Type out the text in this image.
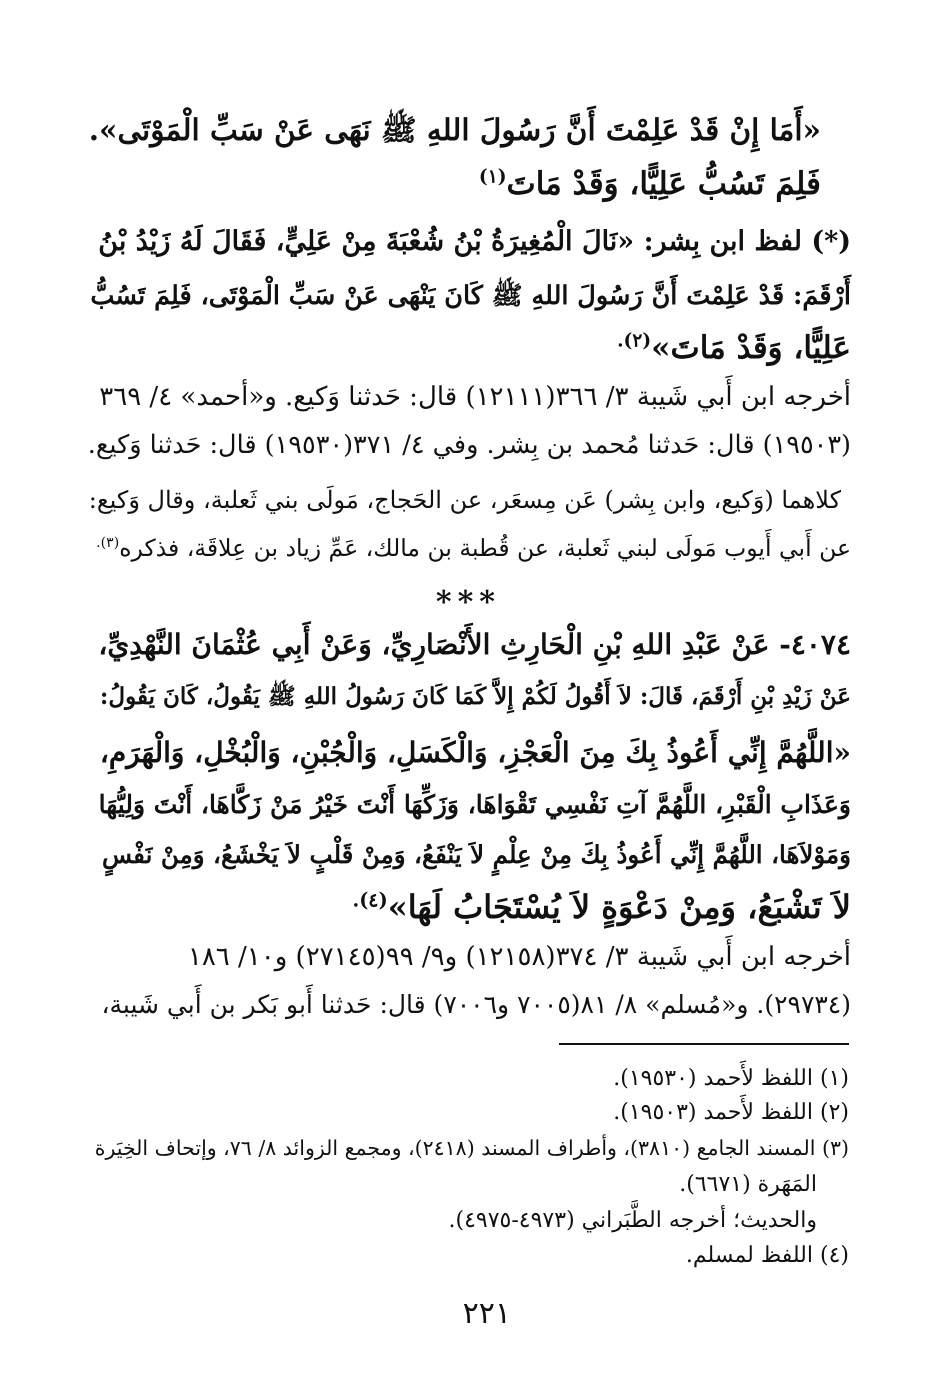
«أَمَا إِنْ قَدْ عَلِمْتَ أَنَّ رَسُولَ اللهِ ﷺ نَهَى عَنْ سَبِّ الْمَوْتَى».
فَلِمَ تَسُبُّ عَلِيًّا، وَقَدْ مَاتَ$^{(١)}$
(*) لفظ ابن بِشر: «نَالَ الْمُغِيرَةُ بْنُ شُعْبَةَ مِنْ عَلِيٍّ، فَقَالَ لَهُ زَيْدُ بْنُ
أَرْقَمَ: قَدْ عَلِمْتَ أَنَّ رَسُولَ اللهِ ﷺ كَانَ يَنْهَى عَنْ سَبِّ الْمَوْتَى، فَلِمَ تَسُبُّ
عَلِيًّا، وَقَدْ مَاتَ»$^{(٢).}$
أخرجه ابن أَبي شَيبة ٣/ ٣٦٦(١٢١١١) قال: حَدثنا وَكيع. و«أحمد» ٤/ ٣٦٩
(١٩٥٠٣) قال: حَدثنا مُحمد بن بِشر. وفي ٤/ ٣٧١(١٩٥٣٠) قال: حَدثنا وَكيع.
كلاهما (وَكيع، وابن بِشر) عَن مِسعَر، عن الحَجاج، مَولَى بني ثَعلبة، وقال وَكيع:
عن أَبي أَيوب مَولَى لبني ثَعلبة، عن قُطبة بن مالك، عَمِّ زياد بن عِلاقَة، فذكره$^{(٣).}$
***
٤٠٧٤- عَنْ عَبْدِ اللهِ بْنِ الْحَارِثِ الأَنْصَارِيِّ، وَعَنْ أَبِي عُثْمَانَ النَّهْدِيِّ،
عَنْ زَيْدِ بْنِ أَرْقَمَ، قَالَ: لاَ أَقُولُ لَكُمْ إِلاَّ كَمَا كَانَ رَسُولُ اللهِ ﷺ يَقُولُ، كَانَ يَقُولُ:
«اللَّهُمَّ إِنِّي أَعُوذُ بِكَ مِنَ الْعَجْزِ، وَالْكَسَلِ، وَالْجُبْنِ، وَالْبُخْلِ، وَالْهَرَمِ،
وَعَذَابِ الْقَبْرِ، اللَّهُمَّ آتِ نَفْسِي تَقْوَاهَا، وَزَكِّهَا أَنْتَ خَيْرُ مَنْ زَكَّاهَا، أَنْتَ وَلِيُّهَا
وَمَوْلاَهَا، اللَّهُمَّ إِنِّي أَعُوذُ بِكَ مِنْ عِلْمٍ لاَ يَنْفَعُ، وَمِنْ قَلْبٍ لاَ يَخْشَعُ، وَمِنْ نَفْسٍ
لاَ تَشْبَعُ، وَمِنْ دَعْوَةٍ لاَ يُسْتَجَابُ لَهَا»$^{(٤).}$
أخرجه ابن أَبي شَيبة ٣/ ٣٧٤(١٢١٥٨) و٩/ ٩٩(٢٧١٤٥) و١٠/ ١٨٦
(٢٩٧٣٤). و«مُسلم» ٨/ ٨١(٧٠٠٥ و٧٠٠٦) قال: حَدثنا أَبو بَكر بن أَبي شَيبة،
(١) اللفظ لأَحمد (١٩٥٣٠).
(٢) اللفظ لأَحمد (١٩٥٠٣).
(٣) المسند الجامع (٣٨١٠)، وأطراف المسند (٢٤١٨)، ومجمع الزوائد ٨/ ٧٦، وإتحاف الخِيَرة
المَهَرة (٦٦٧١).
والحديث؛ أخرجه الطَّبَراني (٤٩٧٣-٤٩٧٥).
(٤) اللفظ لمسلم.
٢٢١
